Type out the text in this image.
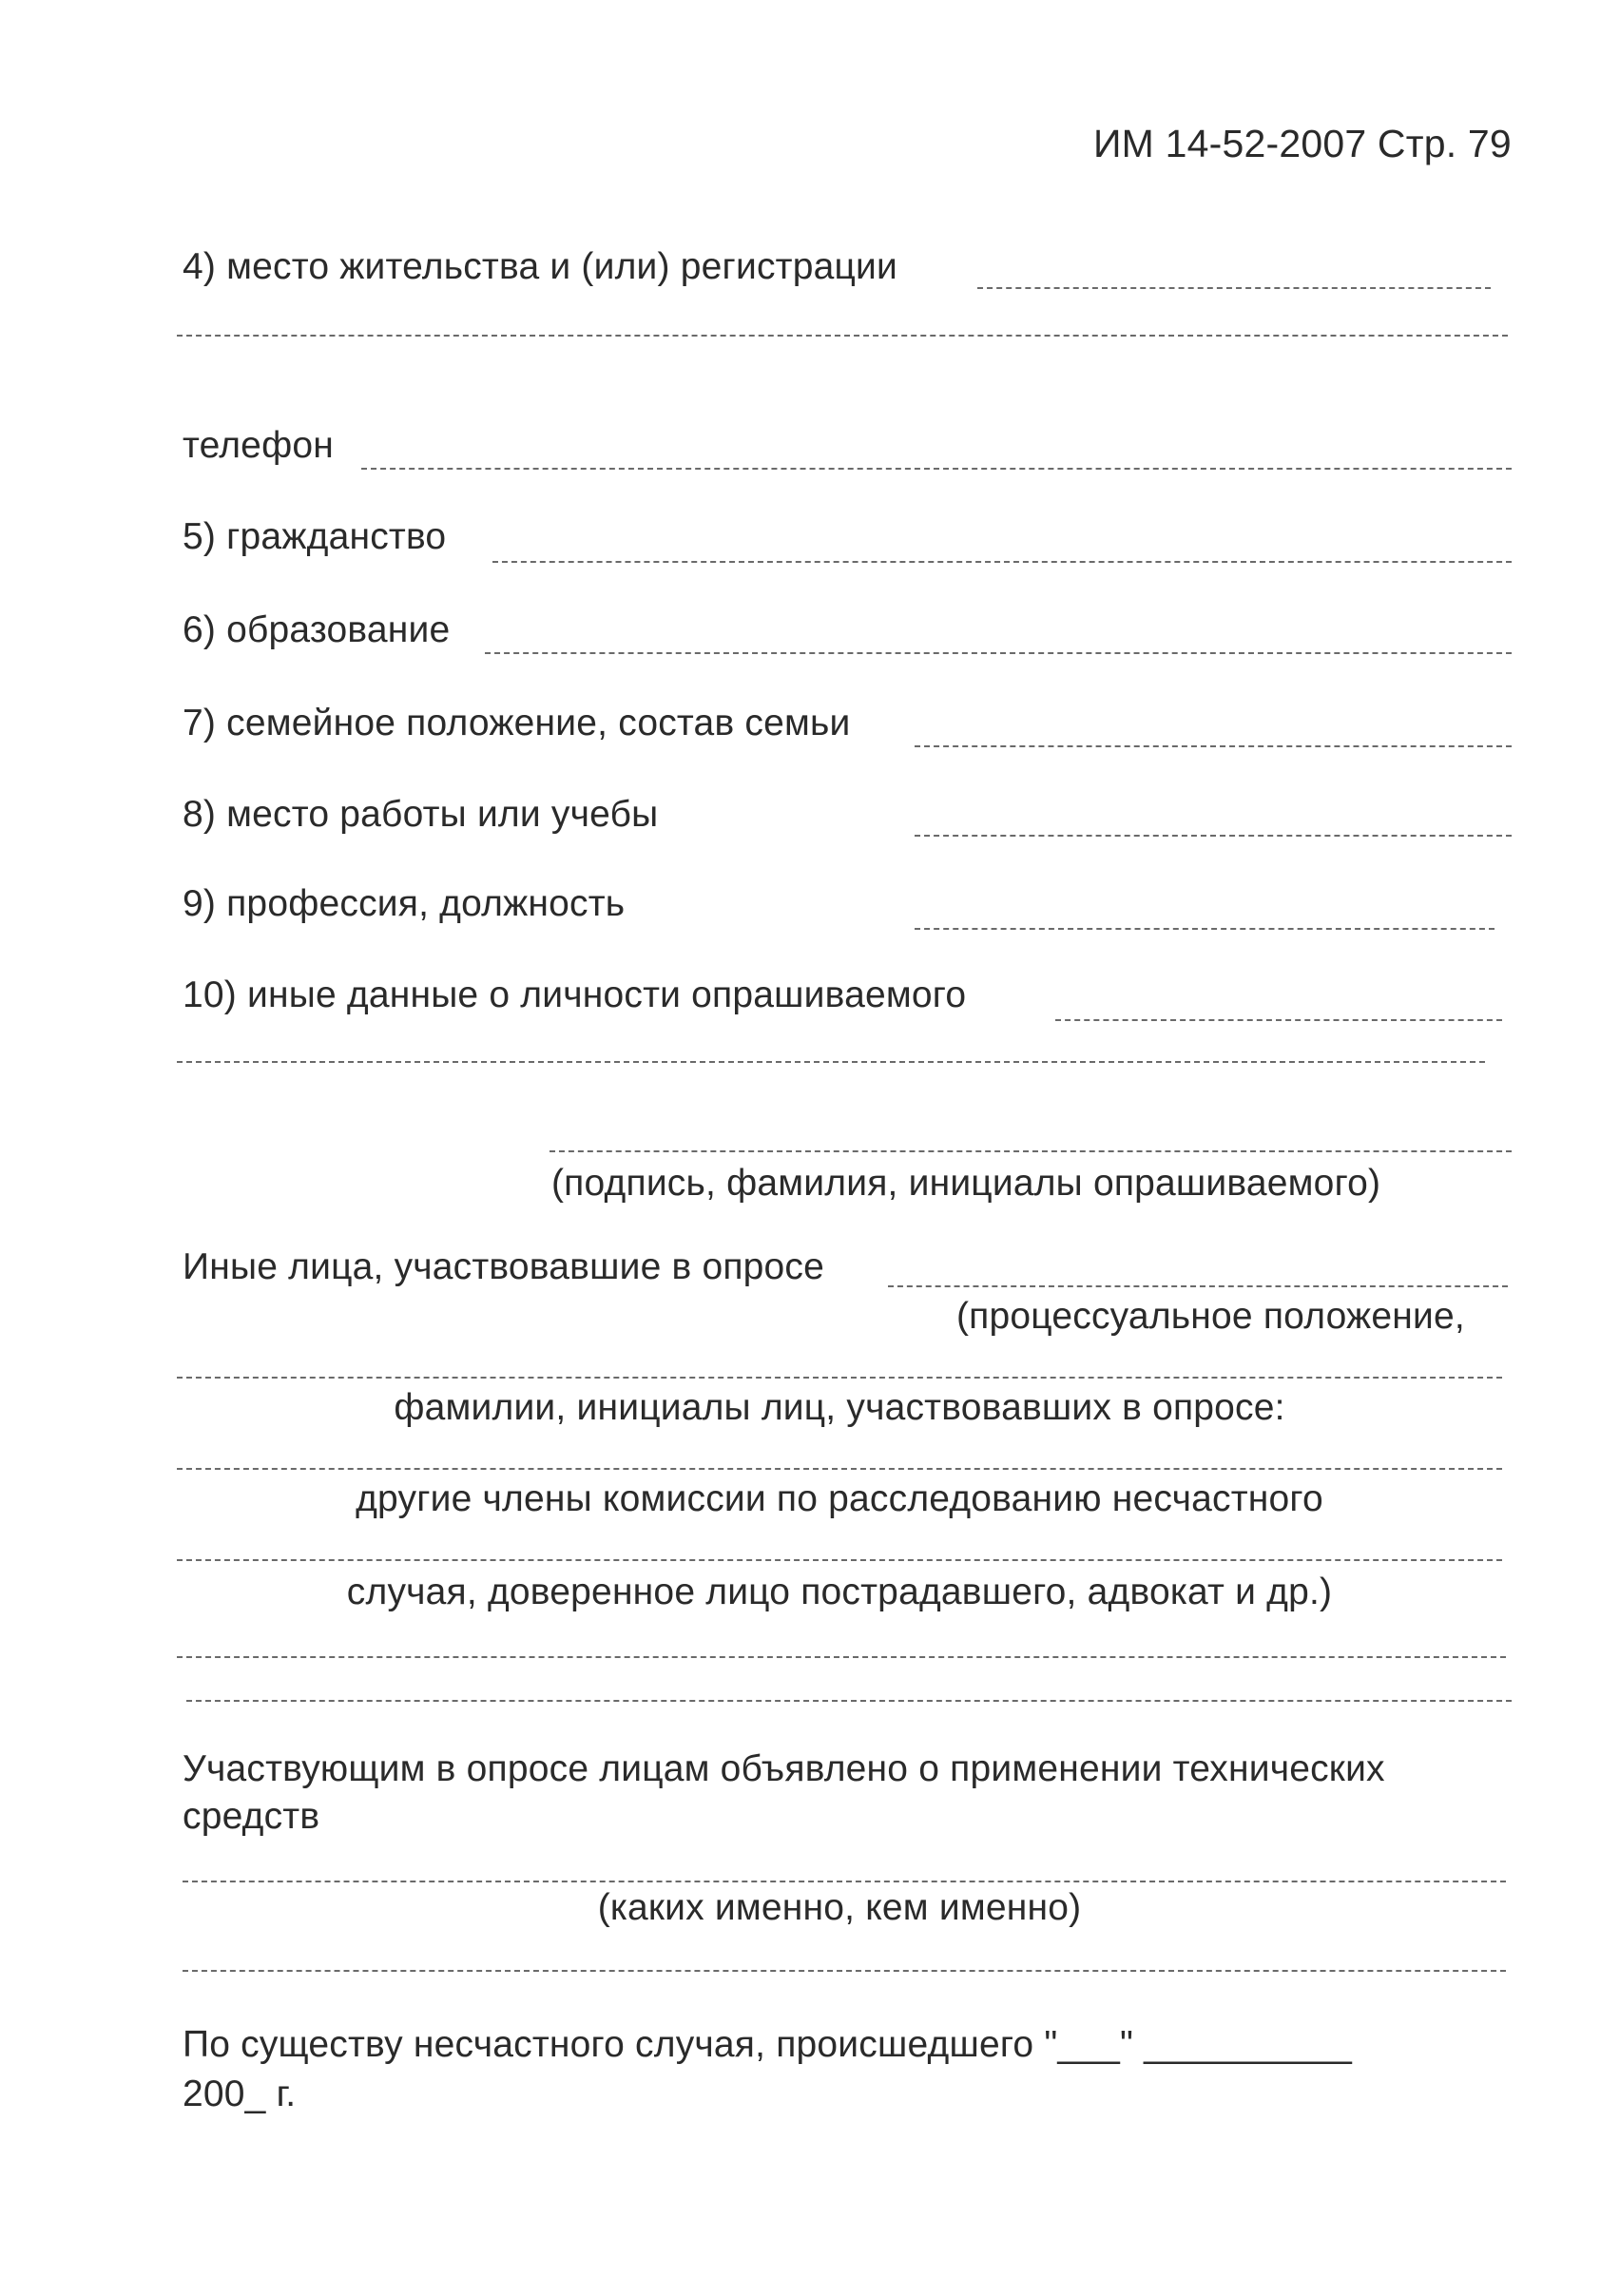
ИМ 14-52-2007 Стр. 79
4) место жительства и (или) регистрации
телефон
5) гражданство
6) образование
7) семейное положение, состав семьи
8) место работы или учебы
9) профессия, должность
10) иные данные о личности опрашиваемого
(подпись, фамилия, инициалы опрашиваемого)
Иные лица, участвовавшие в опросе
(процессуальное положение,
фамилии, инициалы лиц, участвовавших в опросе:
другие члены комиссии по расследованию несчастного
случая, доверенное лицо пострадавшего, адвокат и др.)
Участвующим в опросе лицам объявлено о применении технических
средств
(каких именно, кем именно)
По существу несчастного случая, происшедшего "___" __________
200_ г.
